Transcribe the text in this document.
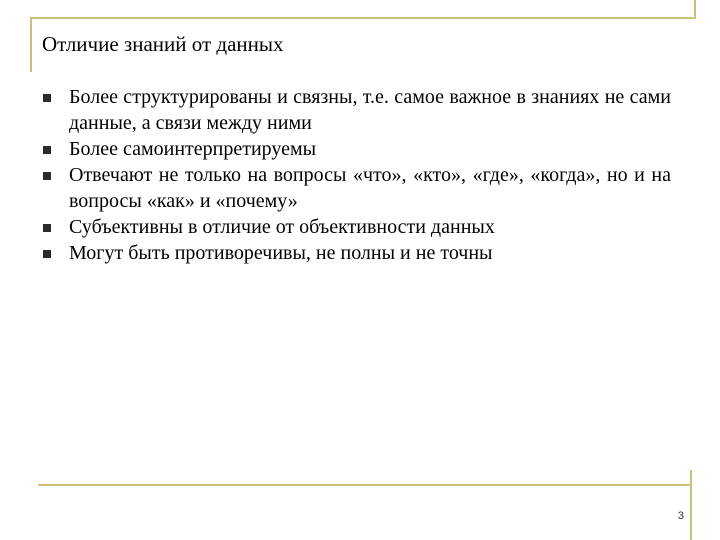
Отличие знаний от данных
Более структурированы и связны, т.е. самое важное в знаниях не сами данные, а связи между ними
Более самоинтерпретируемы
Отвечают не только на вопросы «что», «кто», «где», «когда», но и на вопросы «как» и «почему»
Субъективны в отличие от объективности данных
Могут быть противоречивы, не полны и не точны
3
